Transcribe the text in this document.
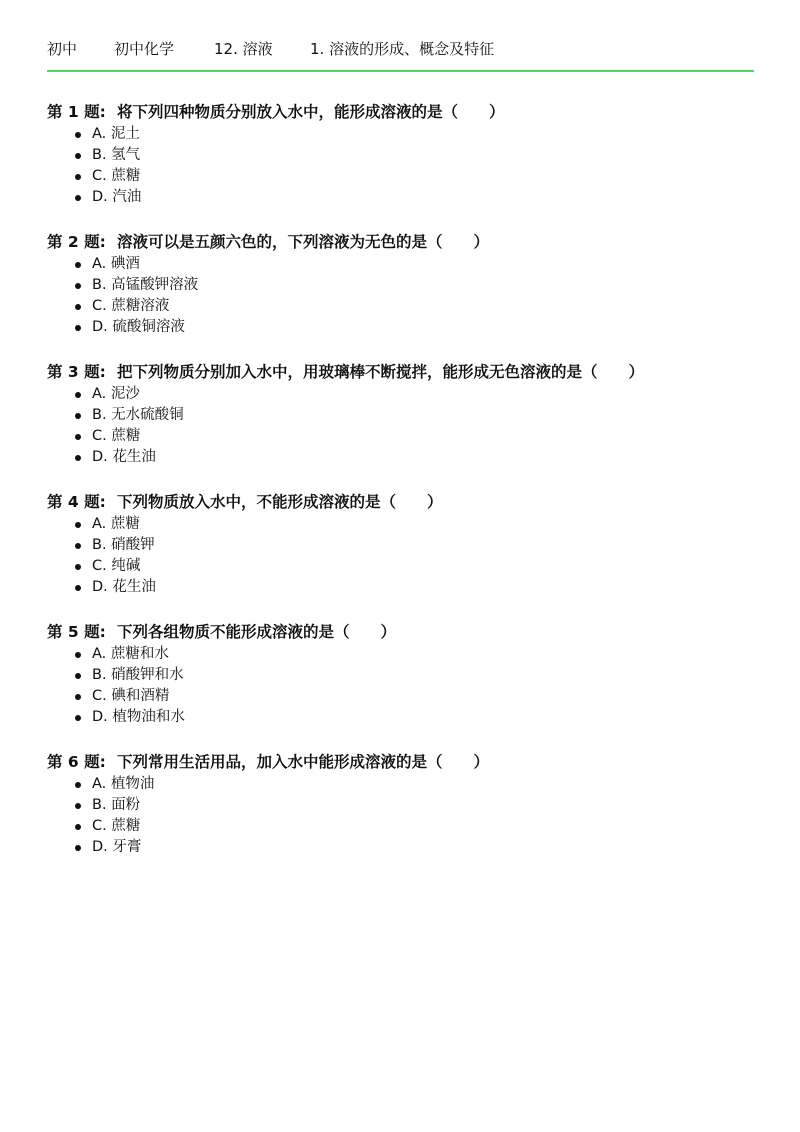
初中	初中化学	12. 溶液	1. 溶液的形成、概念及特征
第 1 题: 将下列四种物质分别放入水中，能形成溶液的是（　　）
A. 泥土
B. 氢气
C. 蔗糖
D. 汽油
第 2 题: 溶液可以是五颜六色的，下列溶液为无色的是（　　）
A. 碘酒
B. 高锰酸钾溶液
C. 蔗糖溶液
D. 硫酸铜溶液
第 3 题: 把下列物质分别加入水中，用玻璃棒不断搅拌，能形成无色溶液的是（　　）
A. 泥沙
B. 无水硫酸铜
C. 蔗糖
D. 花生油
第 4 题: 下列物质放入水中，不能形成溶液的是（　　）
A. 蔗糖
B. 硝酸钾
C. 纯碱
D. 花生油
第 5 题: 下列各组物质不能形成溶液的是（　　）
A. 蔗糖和水
B. 硝酸钾和水
C. 碘和酒精
D. 植物油和水
第 6 题: 下列常用生活用品，加入水中能形成溶液的是（　　）
A. 植物油
B. 面粉
C. 蔗糖
D. 牙膏
